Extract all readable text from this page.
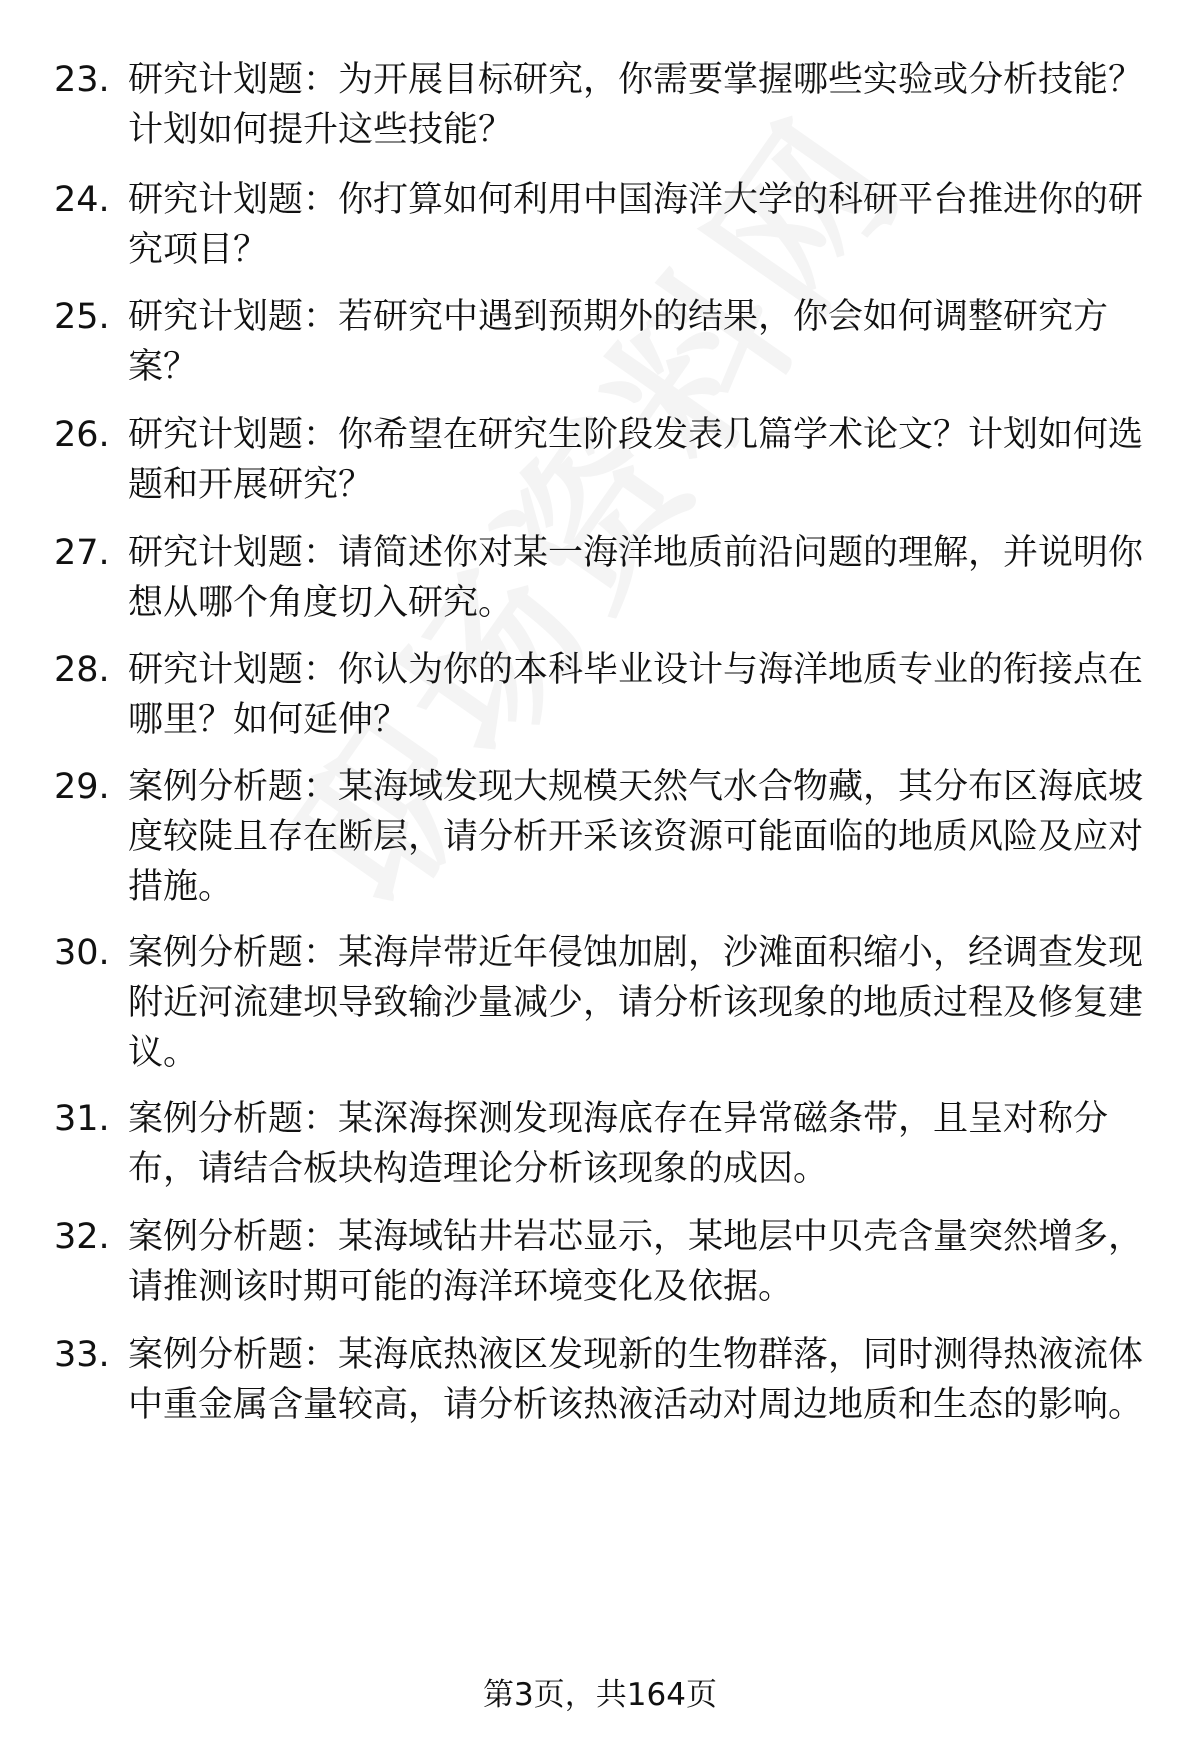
23. 研究计划题：为开展目标研究，你需要掌握哪些实验或分析技能？计划如何提升这些技能？

24. 研究计划题：你打算如何利用中国海洋大学的科研平台推进你的研究项目？

25. 研究计划题：若研究中遇到预期外的结果，你会如何调整研究方案？

26. 研究计划题：你希望在研究生阶段发表几篇学术论文？计划如何选题和开展研究？

27. 研究计划题：请简述你对某一海洋地质前沿问题的理解，并说明你想从哪个角度切入研究。

28. 研究计划题：你认为你的本科毕业设计与海洋地质专业的衔接点在哪里？如何延伸？

29. 案例分析题：某海域发现大规模天然气水合物藏，其分布区海底坡度较陡且存在断层，请分析开采该资源可能面临的地质风险及应对措施。

30. 案例分析题：某海岸带近年侵蚀加剧，沙滩面积缩小，经调查发现附近河流建坝导致输沙量减少，请分析该现象的地质过程及修复建议。

31. 案例分析题：某深海探测发现海底存在异常磁条带，且呈对称分布，请结合板块构造理论分析该现象的成因。

32. 案例分析题：某海域钻井岩芯显示，某地层中贝壳含量突然增多，请推测该时期可能的海洋环境变化及依据。

33. 案例分析题：某海底热液区发现新的生物群落，同时测得热液流体中重金属含量较高，请分析该热液活动对周边地质和生态的影响。

第3页，共164页
